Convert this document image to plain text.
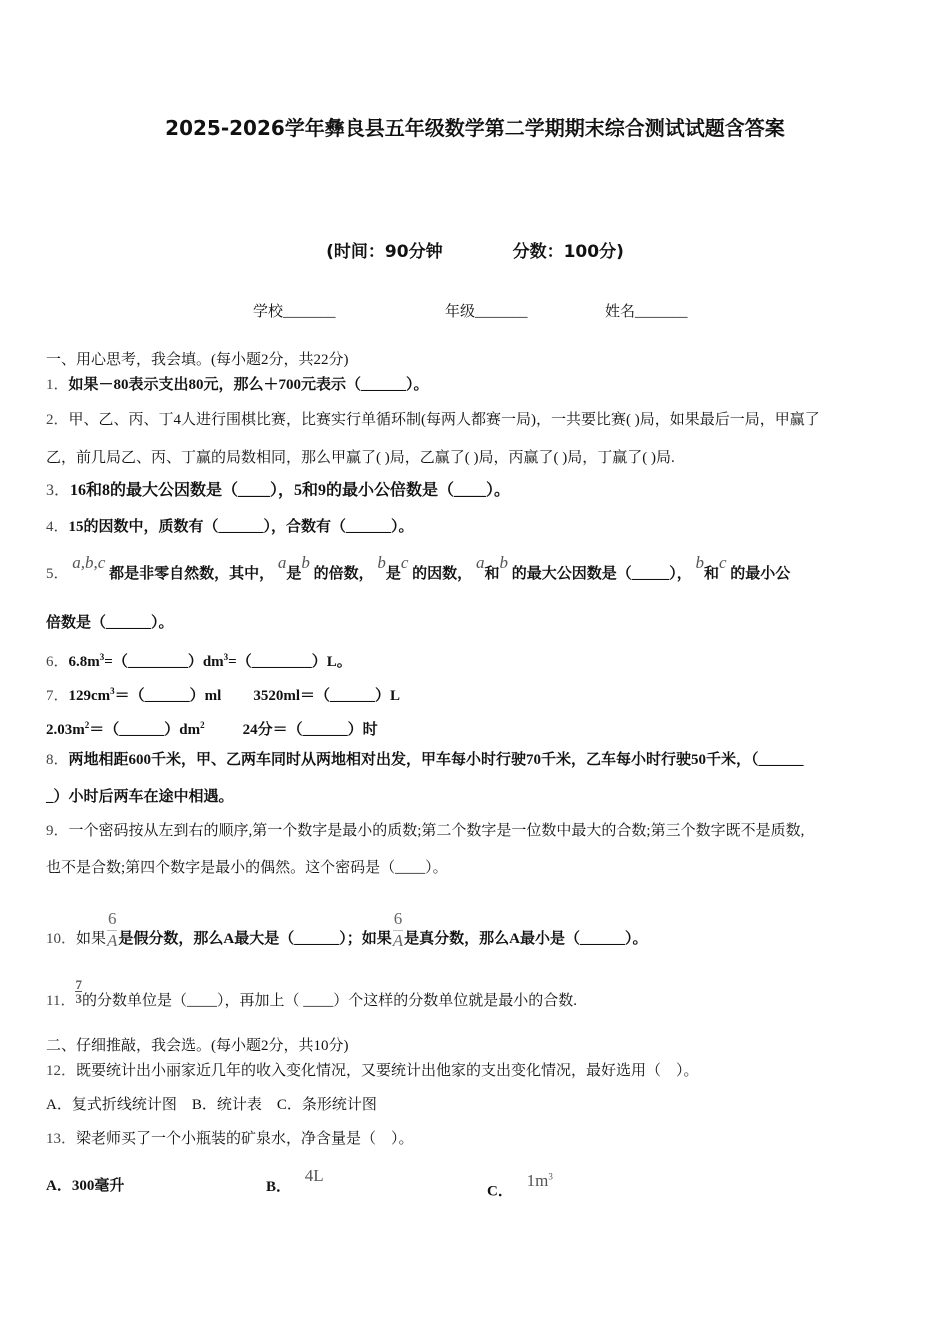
2025-2026学年彝良县五年级数学第二学期期末综合测试试题含答案
(时间：90分钟	分数：100分)
学校_______	年级_______	姓名_______
一、用心思考，我会填。(每小题2分，共22分)
1．如果－80表示支出80元，那么＋700元表示（______）。
2．甲、乙、丙、丁4人进行围棋比赛，比赛实行单循环制(每两人都赛一局)，一共要比赛( )局，如果最后一局，甲赢了
乙，前几局乙、丙、丁赢的局数相同，那么甲赢了( )局，乙赢了( )局，丙赢了( )局，丁赢了( )局.
3．16和8的最大公因数是（____），5和9的最小公倍数是（____）。
4．15的因数中，质数有（______），合数有（______）。
5． a,b,c 都是非零自然数，其中， a是b 的倍数， b是c 的因数， a和b 的最大公因数是（_____）， b和c 的最小公
倍数是（______）。
6．$6.8m^3=(\_\_\_\_\_\_\_\_)dm^3=(\_\_\_\_\_\_\_\_)L$。
7．$129cm^3=(\_\_\_\_\_\_)ml$ 3520ml＝（______）L
$2.03m^2=(\_\_\_\_\_\_)dm^2$	24分＝（______）时
8．两地相距600千米，甲、乙两车同时从两地相对出发，甲车每小时行驶70千米，乙车每小时行驶50千米，（______
_）小时后两车在途中相遇。
9．一个密码按从左到右的顺序,第一个数字是最小的质数;第二个数字是一位数中最大的合数;第三个数字既不是质数,
也不是合数;第四个数字是最小的偶然。这个密码是（____）。
10．如果 $\frac{6}{A}$ 是假分数，那么A最大是（______）；如果 $\frac{6}{A}$ 是真分数，那么A最小是（______）。
11． $\frac{7}{3}$的分数单位是（____），再加上（ ____）个这样的分数单位就是最小的合数.
二、仔细推敲，我会选。(每小题2分，共10分)
12．既要统计出小丽家近几年的收入变化情况，又要统计出他家的支出变化情况，最好选用（　）。
A．复式折线统计图　B．统计表　C．条形统计图
13．梁老师买了一个小瓶装的矿泉水，净含量是（　）。
A．300毫升	B． 4L
C． $1m^3$
